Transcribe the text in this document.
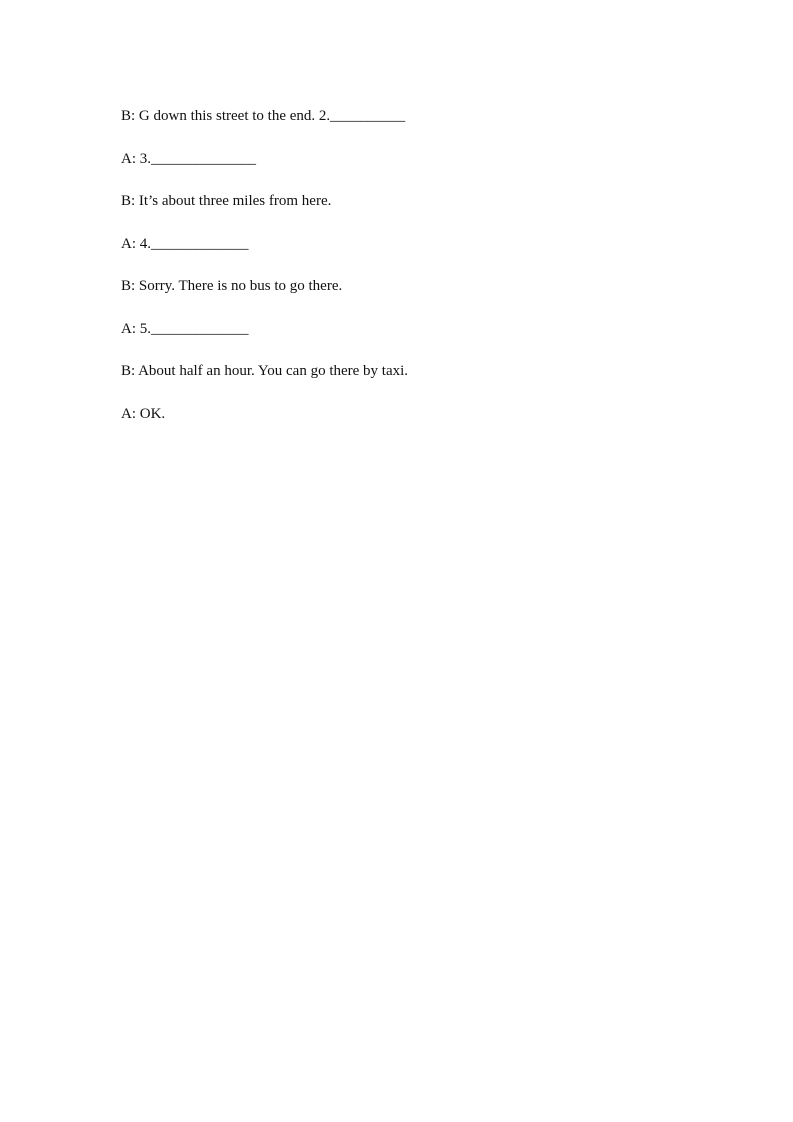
B: G down this street to the end. 2.__________

A: 3.______________

B: It’s about three miles from here.

A: 4._____________

B: Sorry. There is no bus to go there.

A: 5._____________

B: About half an hour. You can go there by taxi.

A: OK.
